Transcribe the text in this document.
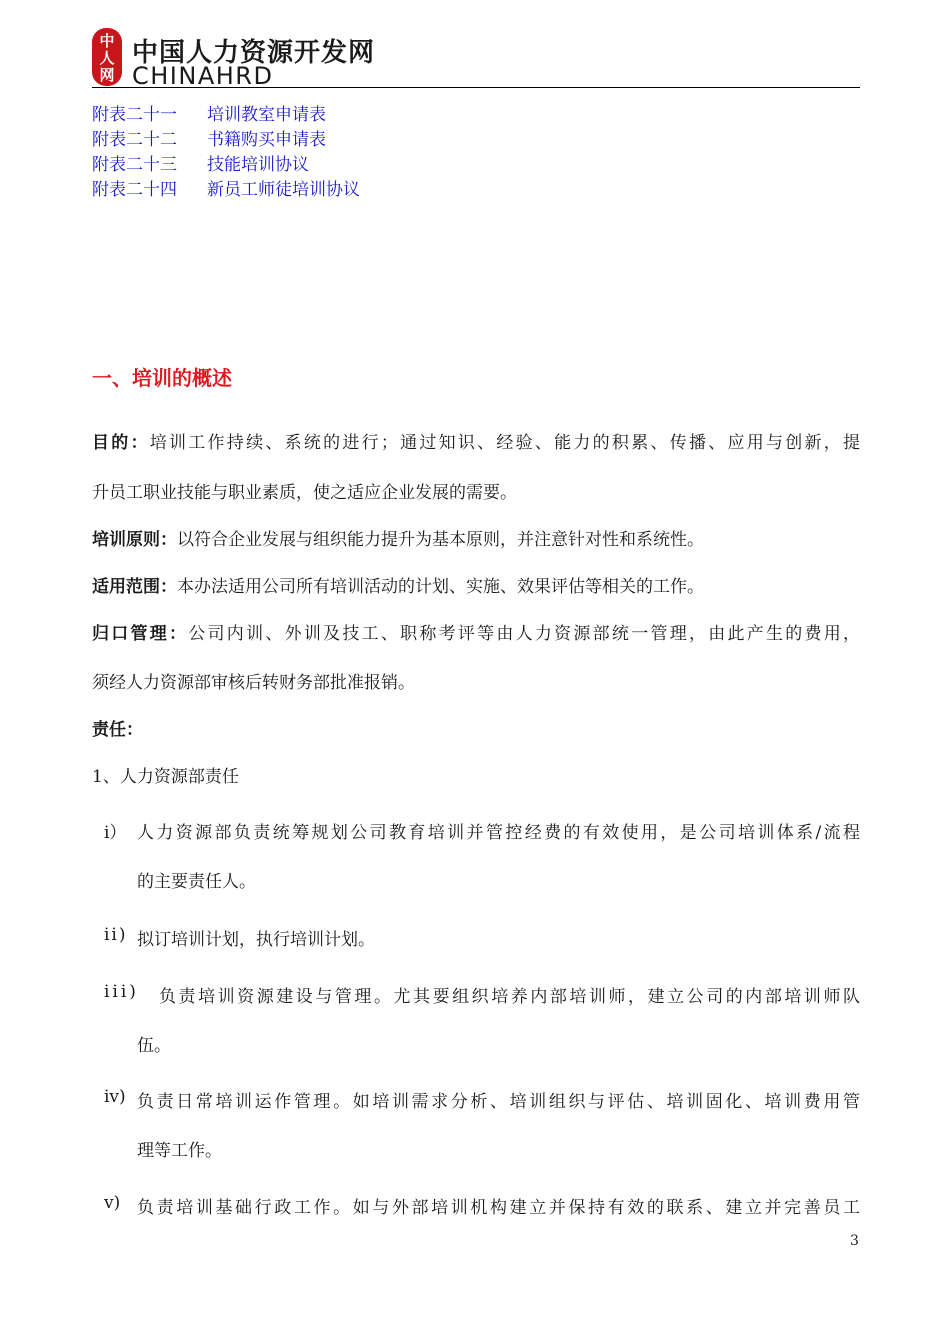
中
人
网
中国人力资源开发网
CHINAHRD
附表二十一 培训教室申请表
附表二十二 书籍购买申请表
附表二十三 技能培训协议
附表二十四 新员工师徒培训协议
一、培训的概述
目的：培训工作持续、系统的进行；通过知识、经验、能力的积累、传播、应用与创新，提
升员工职业技能与职业素质，使之适应企业发展的需要。
培训原则：以符合企业发展与组织能力提升为基本原则，并注意针对性和系统性。
适用范围：本办法适用公司所有培训活动的计划、实施、效果评估等相关的工作。
归口管理：公司内训、外训及技工、职称考评等由人力资源部统一管理，由此产生的费用，
须经人力资源部审核后转财务部批准报销。
责任：
1、人力资源部责任
i） 人力资源部负责统筹规划公司教育培训并管控经费的有效使用，是公司培训体系/流程
的主要责任人。
ii) 拟订培训计划，执行培训计划。
iii) 负责培训资源建设与管理。尤其要组织培养内部培训师，建立公司的内部培训师队
伍。
iv) 负责日常培训运作管理。如培训需求分析、培训组织与评估、培训固化、培训费用管
理等工作。
v) 负责培训基础行政工作。如与外部培训机构建立并保持有效的联系、建立并完善员工
3
